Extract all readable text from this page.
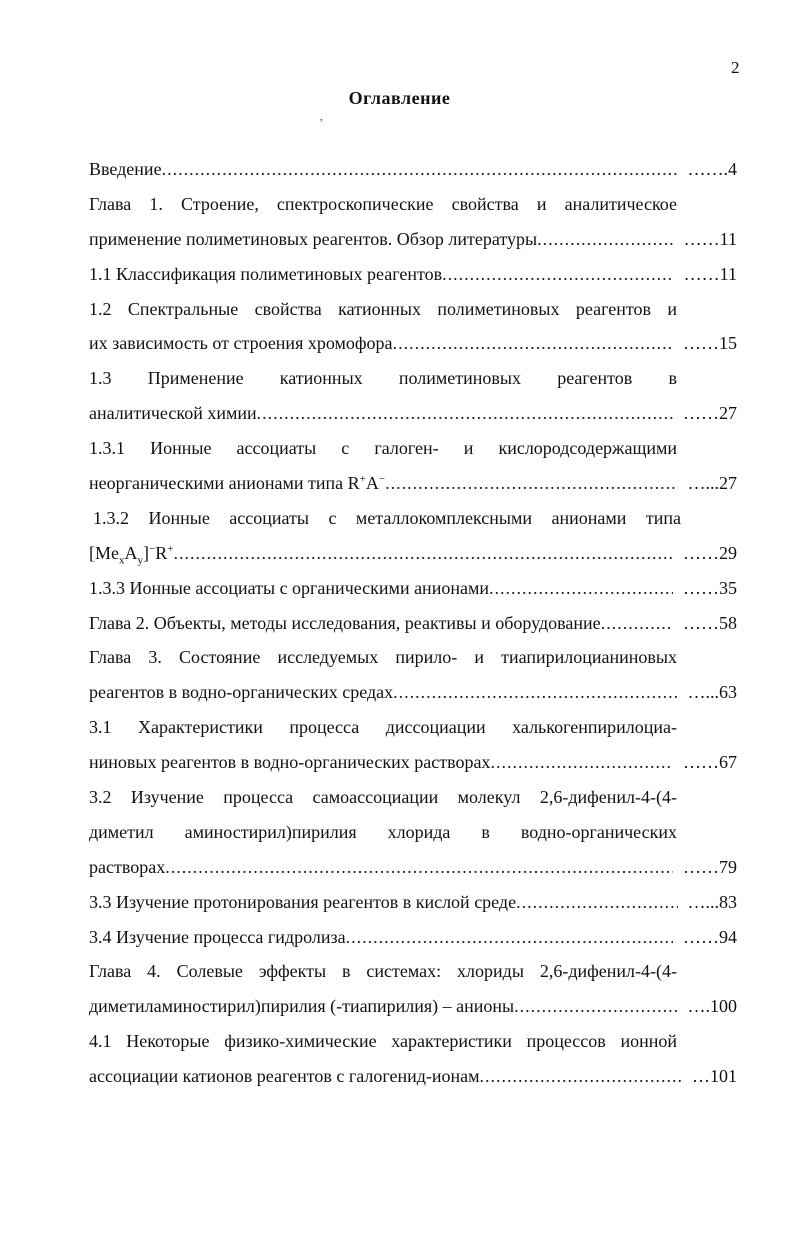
2
Оглавление
,
Введение .....	…….4
Глава 1. Строение, спектроскопические свойства и аналитическое
применение полиметиновых реагентов. Обзор литературы .....	……11
1.1 Классификация полиметиновых реагентов .....	……11
1.2 Спектральные свойства катионных полиметиновых реагентов и
их зависимость от строения хромофора .....	……15
1.3 Применение катионных полиметиновых реагентов в
аналитической химии .....	……27
1.3.1 Ионные ассоциаты с галоген- и кислородсодержащими
неорганическими анионами типа R+A− .....	…...27
1.3.2 Ионные ассоциаты с металлокомплексными анионами типа
$[Me_xA_y]^-R^+$ .....	……29
1.3.3 Ионные ассоциаты с органическими анионами .....	……35
Глава 2. Объекты, методы исследования, реактивы и оборудование .....	……58
Глава 3. Состояние исследуемых пирило- и тиапирилоцианиновых
реагентов в водно-органических средах .....	…...63
3.1 Характеристики процесса диссоциации халькогенпирилоциа-
ниновых реагентов в водно-органических растворах .....	……67
3.2 Изучение процесса самоассоциации молекул 2,6-дифенил-4-(4-
диметил аминостирил)пирилия хлорида в водно-органических
растворах .....	……79
3.3 Изучение протонирования реагентов в кислой среде .....	…...83
3.4 Изучение процесса гидролиза .....	……94
Глава 4. Солевые эффекты в системах: хлориды 2,6-дифенил-4-(4-
диметиламиностирил)пирилия (-тиапирилия) – анионы .....	….100
4.1 Некоторые физико-химические характеристики процессов ионной
ассоциации катионов реагентов с галогенид-ионам .....	…101
